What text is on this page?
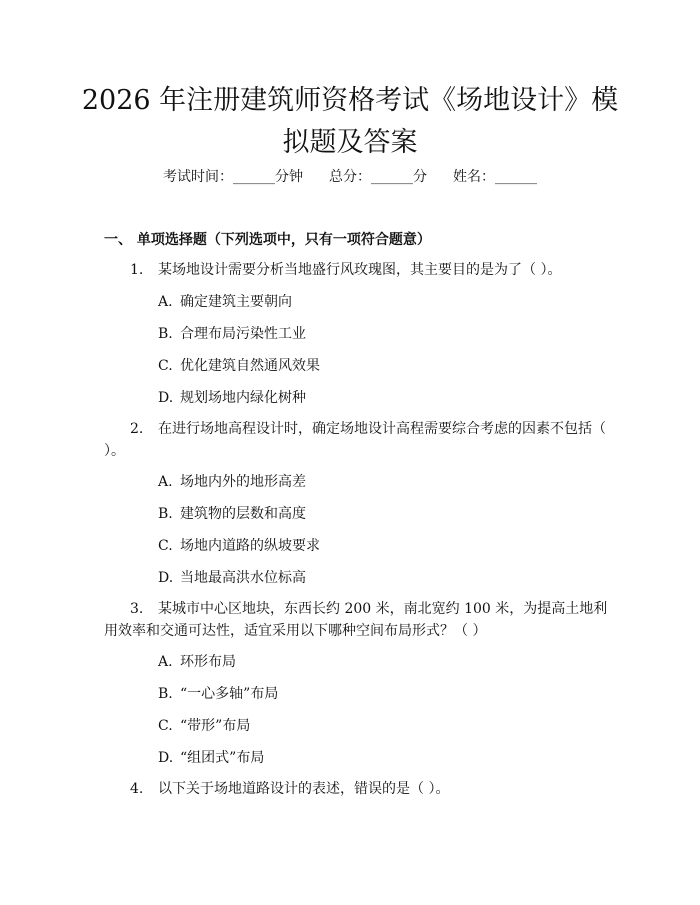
2026 年注册建筑师资格考试《场地设计》模
拟题及答案
考试时间：______分钟 总分：______分 姓名：______
一、 单项选择题（下列选项中，只有一项符合题意）
1. 某场地设计需要分析当地盛行风玫瑰图，其主要目的是为了（ ）。
A. 确定建筑主要朝向
B. 合理布局污染性工业
C. 优化建筑自然通风效果
D. 规划场地内绿化树种
2. 在进行场地高程设计时，确定场地设计高程需要综合考虑的因素不包括（ ）。
A. 场地内外的地形高差
B. 建筑物的层数和高度
C. 场地内道路的纵坡要求
D. 当地最高洪水位标高
3. 某城市中心区地块，东西长约 200 米，南北宽约 100 米，为提高土地利用效率和交通可达性，适宜采用以下哪种空间布局形式？（ ）
A. 环形布局
B. “一心多轴”布局
C. “带形”布局
D. “组团式”布局
4. 以下关于场地道路设计的表述，错误的是（ ）。
